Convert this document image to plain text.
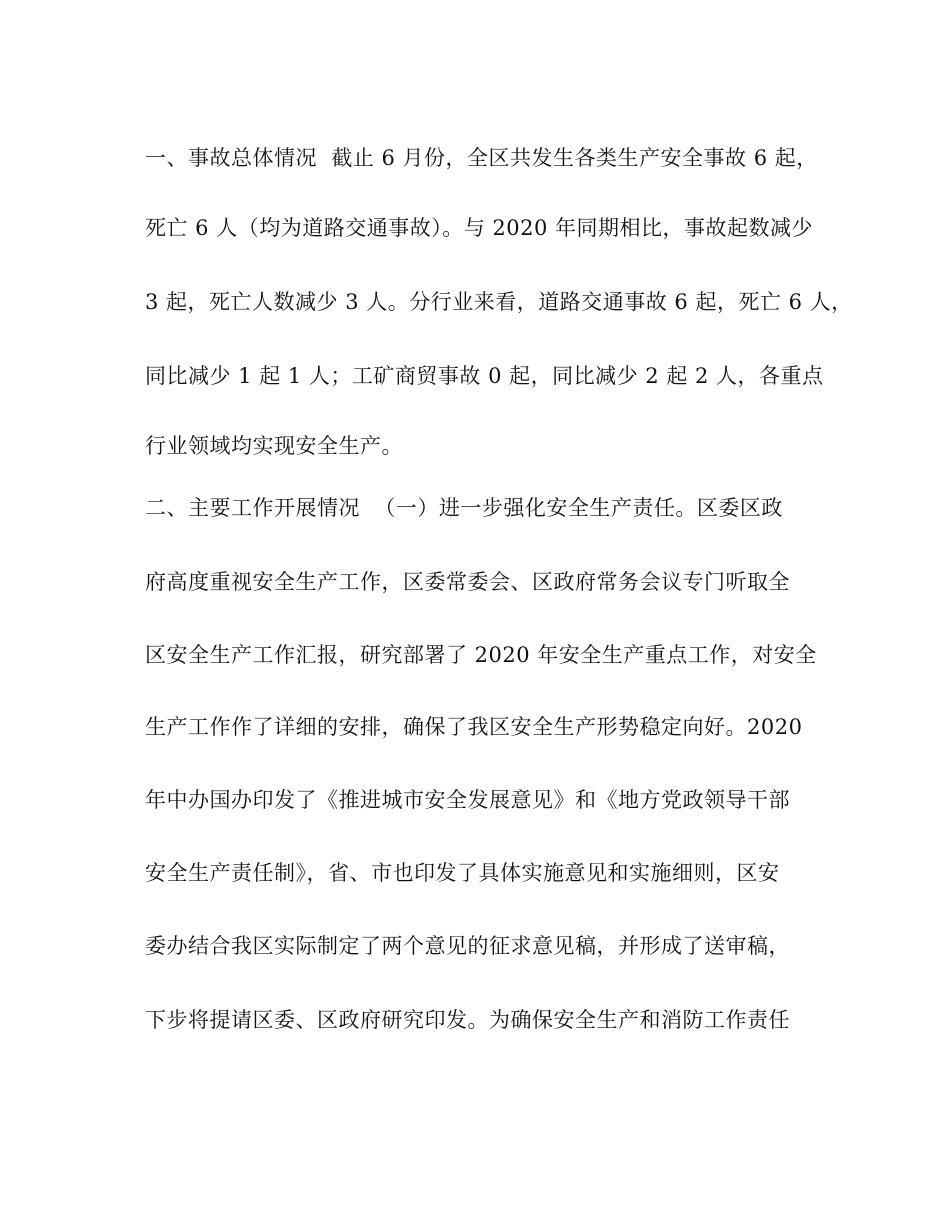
一、事故总体情况  截止 6 月份，全区共发生各类生产安全事故 6 起，

死亡 6 人（均为道路交通事故）。与 2020 年同期相比，事故起数减少

3 起，死亡人数减少 3 人。分行业来看，道路交通事故 6 起，死亡 6 人，

同比减少 1 起 1 人；工矿商贸事故 0 起，同比减少 2 起 2 人，各重点

行业领域均实现安全生产。

二、主要工作开展情况  （一）进一步强化安全生产责任。区委区政

府高度重视安全生产工作，区委常委会、区政府常务会议专门听取全

区安全生产工作汇报，研究部署了 2020 年安全生产重点工作，对安全

生产工作作了详细的安排，确保了我区安全生产形势稳定向好。2020

年中办国办印发了《推进城市安全发展意见》和《地方党政领导干部

安全生产责任制》，省、市也印发了具体实施意见和实施细则，区安

委办结合我区实际制定了两个意见的征求意见稿，并形成了送审稿，

下步将提请区委、区政府研究印发。为确保安全生产和消防工作责任
